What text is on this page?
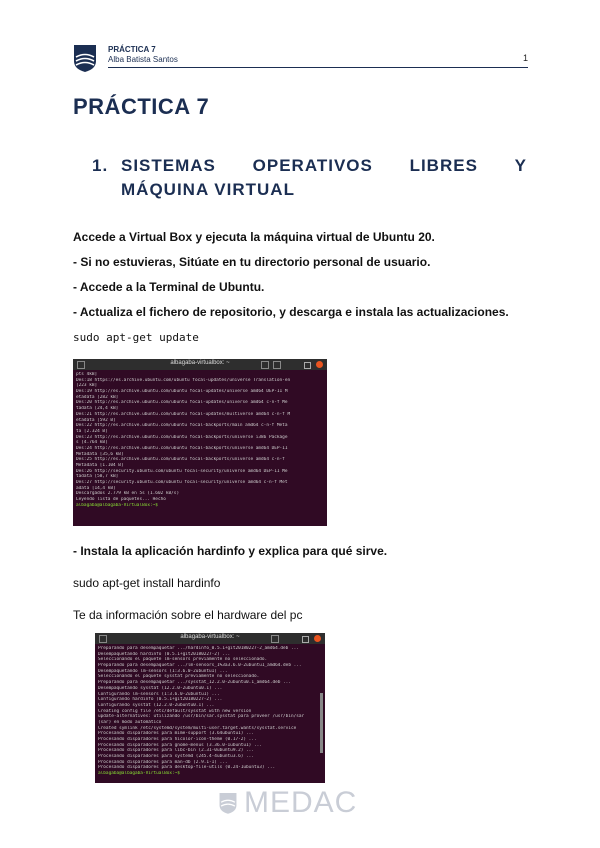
PRÁCTICA 7
Alba Batista Santos	1
PRÁCTICA 7
1. SISTEMAS OPERATIVOS LIBRES Y
MÁQUINA VIRTUAL
Accede a Virtual Box y ejecuta la máquina virtual de Ubuntu 20.
- Si no estuvieras, Sitúate en tu directorio personal de usuario.
- Accede a la Terminal de Ubuntu.
- Actualiza el fichero de repositorio, y descarga e instala las actualizaciones.
sudo apt-get update
albagaba-virtualbox: ~
pts 4kB]
Des:18 https://es.archive.ubuntu.com/ubuntu focal-updates/universe Translation-en
[223 kB]
Des:19 http://es.archive.ubuntu.com/ubuntu focal-updates/universe amd64 DEP-11 M
etadata [282 kB]
Des:20 http://es.archive.ubuntu.com/ubuntu focal-updates/universe amd64 c-n-f Me
tadata [24,4 kB]
Des:21 http://es.archive.ubuntu.com/ubuntu focal-updates/multiverse amd64 c-n-f M
etadata [592 B]
Des:22 http://es.archive.ubuntu.com/ubuntu focal-backports/main amd64 c-n-f Meta
ta [2.324 B]
Des:23 http://es.archive.ubuntu.com/ubuntu focal-backports/universe i386 Package
s [4.764 kB]
Des:24 http://es.archive.ubuntu.com/ubuntu focal-backports/universe amd64 DEP-11
Metadata [35,6 kB]
Des:25 http://es.archive.ubuntu.com/ubuntu focal-backports/universe amd64 c-n-f
Metadata [1.104 B]
Des:26 http://security.ubuntu.com/ubuntu focal-security/universe amd64 DEP-11 Me
tadata [58,7 kB]
Des:27 http://security.ubuntu.com/ubuntu focal-security/universe amd64 c-n-f Met
adata [14,4 kB]
Descargados 2.779 kB en 5s (1.602 kB/s)
Leyendo lista de paquetes... Hecho
albagaba@albagaba-VirtualBox:~$
- Instala la aplicación hardinfo y explica para qué sirve.
sudo apt-get install hardinfo
Te da información sobre el hardware del pc
albagaba-virtualbox: ~
Preparando para desempaquetar .../hardinfo_0.5.1+git20180227-2_amd64.deb ...
Desempaquetando hardinfo (0.5.1+git20180227-2) ...
Seleccionando el paquete lm-sensors previamente no seleccionado.
Preparando para desempaquetar .../lm-sensors_1%3a3.6.0-2ubuntu1_amd64.deb ...
Desempaquetando lm-sensors (1:3.6.0-2ubuntu1) ...
Seleccionando el paquete sysstat previamente no seleccionado.
Preparando para desempaquetar .../sysstat_12.2.0-2ubuntu0.1_amd64.deb ...
Desempaquetando sysstat (12.2.0-2ubuntu0.1) ...
Configurando lm-sensors (1:3.6.0-2ubuntu1) ...
Configurando hardinfo (0.5.1+git20180227-2) ...
Configurando sysstat (12.2.0-2ubuntu0.1) ...
Creating config file /etc/default/sysstat with new version
update-alternatives: utilizando /usr/bin/sar.sysstat para proveer /usr/bin/sar
(sar) en modo automático
Created symlink /etc/systemd/system/multi-user.target.wants/sysstat.service
Procesando disparadores para mime-support (3.64ubuntu1) ...
Procesando disparadores para hicolor-icon-theme (0.17-2) ...
Procesando disparadores para gnome-menus (3.36.0-1ubuntu1) ...
Procesando disparadores para libc-bin (2.31-0ubuntu9.2) ...
Procesando disparadores para systemd (245.4-4ubuntu3.6) ...
Procesando disparadores para man-db (2.9.1-1) ...
Procesando disparadores para desktop-file-utils (0.24-1ubuntu3) ...
albagaba@albagaba-VirtualBox:~$
MEDAC
